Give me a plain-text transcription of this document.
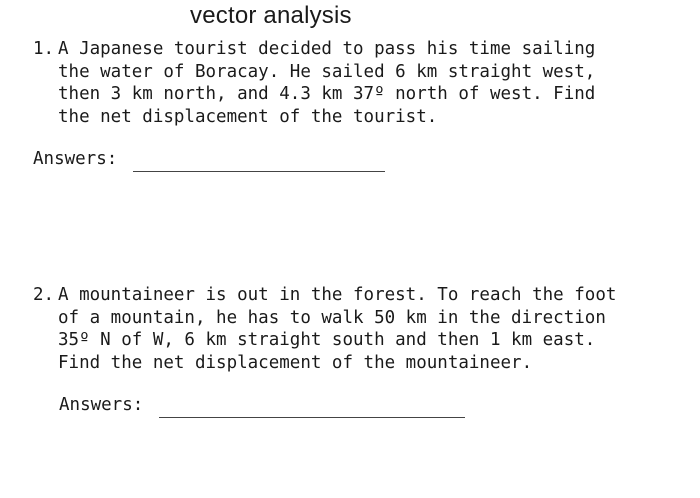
vector analysis
1. A Japanese tourist decided to pass his time sailing
the water of Boracay. He sailed 6 km straight west,
then 3 km north, and 4.3 km 37º north of west. Find
the net displacement of the tourist.
Answers:
2. A mountaineer is out in the forest. To reach the foot
of a mountain, he has to walk 50 km in the direction
35º N of W, 6 km straight south and then 1 km east.
Find the net displacement of the mountaineer.
Answers:
